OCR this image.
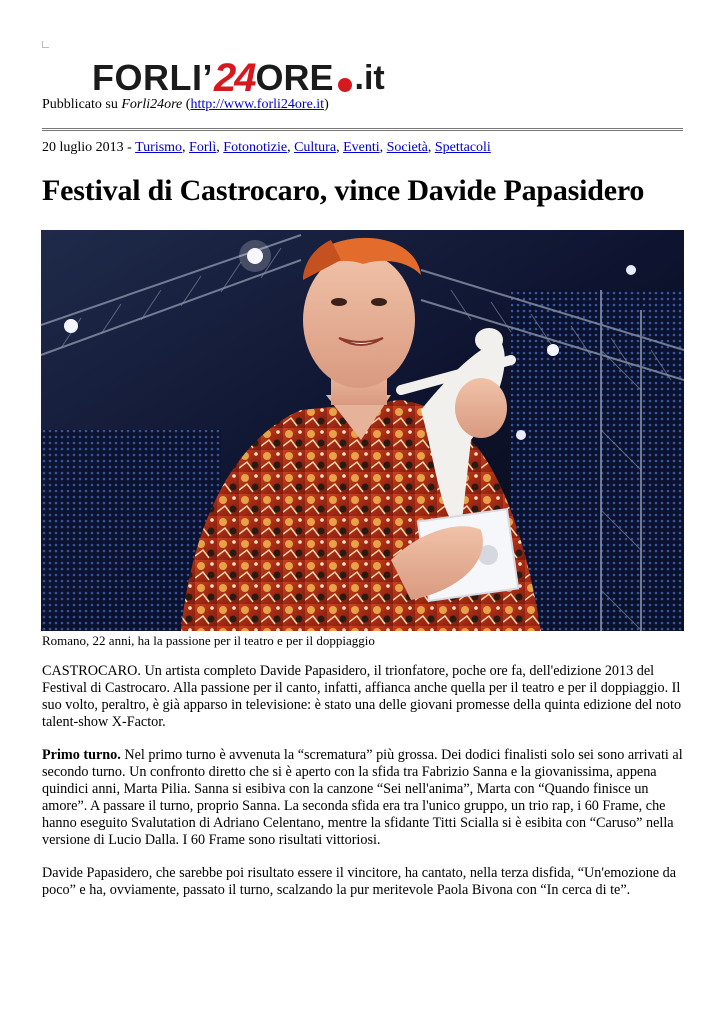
FORLI’ 24 ORE .it
Pubblicato su Forli24ore (http://www.forli24ore.it)
20 luglio 2013 - Turismo, Forlì, Fotonotizie, Cultura, Eventi, Società, Spettacoli
Festival di Castrocaro, vince Davide Papasidero
Romano, 22 anni, ha la passione per il teatro e per il doppiaggio

CASTROCARO. Un artista completo Davide Papasidero, il trionfatore, poche ore fa, dell'edizione 2013 del Festival di Castrocaro. Alla passione per il canto, infatti, affianca anche quella per il teatro e per il doppiaggio. Il suo volto, peraltro, è già apparso in televisione: è stato una delle giovani promesse della quinta edizione del noto talent-show X-Factor.

Primo turno. Nel primo turno è avvenuta la “scrematura” più grossa. Dei dodici finalisti solo sei sono arrivati al secondo turno. Un confronto diretto che si è aperto con la sfida tra Fabrizio Sanna e la giovanissima, appena quindici anni, Marta Pilia. Sanna si esibiva con la canzone “Sei nell'anima”, Marta con “Quando finisce un amore”. A passare il turno, proprio Sanna. La seconda sfida era tra l'unico gruppo, un trio rap, i 60 Frame, che hanno eseguito Svalutation di Adriano Celentano, mentre la sfidante Titti Scialla si è esibita con “Caruso” nella versione di Lucio Dalla. I 60 Frame sono risultati vittoriosi.

Davide Papasidero, che sarebbe poi risultato essere il vincitore, ha cantato, nella terza disfida, “Un'emozione da poco” e ha, ovviamente, passato il turno, scalzando la pur meritevole Paola Bivona con “In cerca di te”.
